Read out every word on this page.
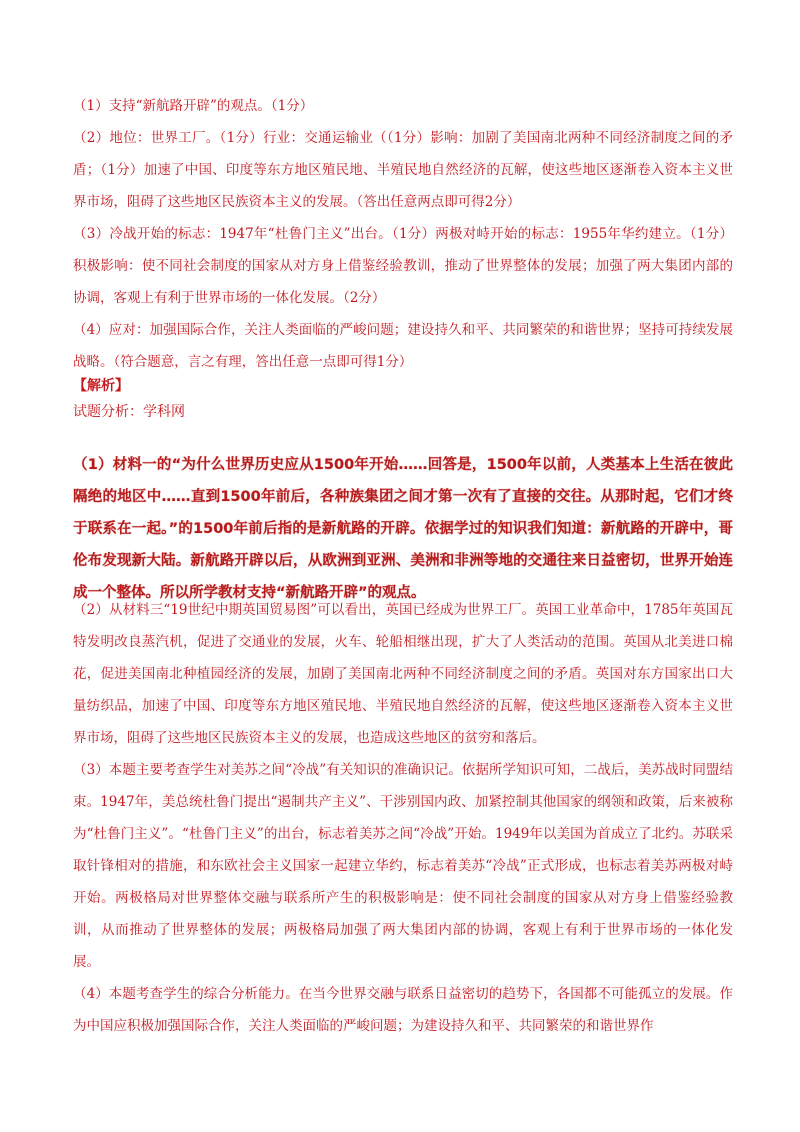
（1）支持“新航路开辟”的观点。（1分）

（2）地位：世界工厂。（1分）行业：交通运输业（（1分）影响：加剧了美国南北两种不同经济制度之间的矛盾；（1分）加速了中国、印度等东方地区殖民地、半殖民地自然经济的瓦解，使这些地区逐渐卷入资本主义世界市场，阻碍了这些地区民族资本主义的发展。（答出任意两点即可得2分）

（3）冷战开始的标志：1947年“杜鲁门主义”出台。（1分）两极对峙开始的标志：1955年华约建立。（1分）积极影响：使不同社会制度的国家从对方身上借鉴经验教训，推动了世界整体的发展；加强了两大集团内部的协调，客观上有利于世界市场的一体化发展。（2分）

（4）应对：加强国际合作，关注人类面临的严峻问题；建设持久和平、共同繁荣的和谐世界；坚持可持续发展战略。（符合题意，言之有理，答出任意一点即可得1分）

【解析】
试题分析：学科网

（1）材料一的“为什么世界历史应从1500年开始……回答是，1500年以前，人类基本上生活在彼此隔绝的地区中……直到1500年前后，各种族集团之间才第一次有了直接的交往。从那时起，它们才终于联系在一起。”的1500年前后指的是新航路的开辟。依据学过的知识我们知道：新航路的开辟中，哥伦布发现新大陆。新航路开辟以后，从欧洲到亚洲、美洲和非洲等地的交通往来日益密切，世界开始连成一个整体。所以所学教材支持“新航路开辟”的观点。

（2）从材料三“19世纪中期英国贸易图”可以看出，英国已经成为世界工厂。英国工业革命中，1785年英国瓦特发明改良蒸汽机，促进了交通业的发展，火车、轮船相继出现，扩大了人类活动的范围。英国从北美进口棉花，促进美国南北种植园经济的发展，加剧了美国南北两种不同经济制度之间的矛盾。英国对东方国家出口大量纺织品，加速了中国、印度等东方地区殖民地、半殖民地自然经济的瓦解，使这些地区逐渐卷入资本主义世界市场，阻碍了这些地区民族资本主义的发展，也造成这些地区的贫穷和落后。

（3）本题主要考查学生对美苏之间“冷战”有关知识的准确识记。依据所学知识可知，二战后，美苏战时同盟结束。1947年，美总统杜鲁门提出“遏制共产主义”、干涉别国内政、加紧控制其他国家的纲领和政策，后来被称为“杜鲁门主义”。“杜鲁门主义”的出台，标志着美苏之间“冷战”开始。1949年以美国为首成立了北约。苏联采取针锋相对的措施，和东欧社会主义国家一起建立华约，标志着美苏“冷战”正式形成，也标志着美苏两极对峙开始。两极格局对世界整体交融与联系所产生的积极影响是：使不同社会制度的国家从对方身上借鉴经验教训，从而推动了世界整体的发展；两极格局加强了两大集团内部的协调，客观上有利于世界市场的一体化发展。

（4）本题考查学生的综合分析能力。在当今世界交融与联系日益密切的趋势下，各国都不可能孤立的发展。作为中国应积极加强国际合作，关注人类面临的严峻问题；为建设持久和平、共同繁荣的和谐世界作
